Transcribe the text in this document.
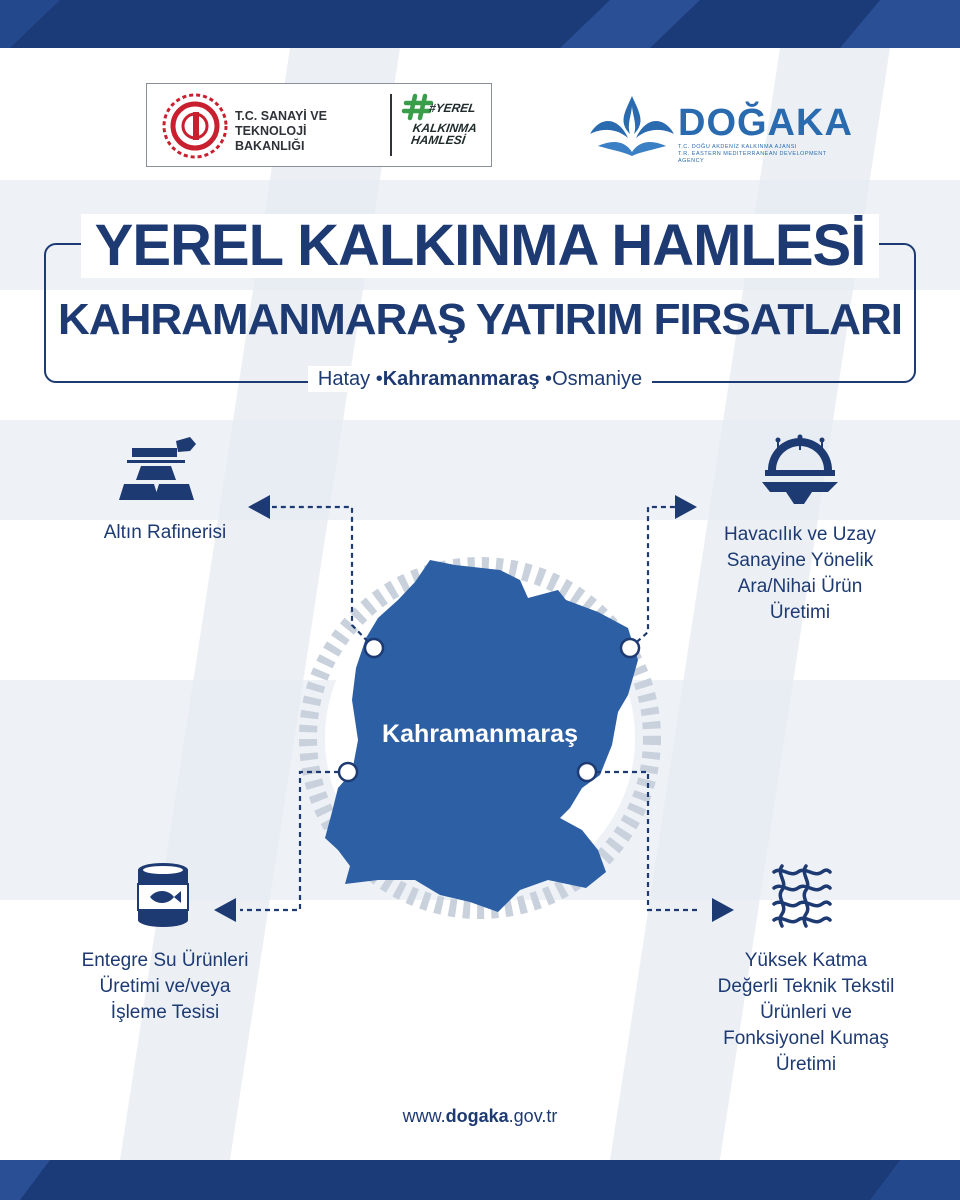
T.C. SANAYİ VE
TEKNOLOJİ BAKANLIĞI
#YEREL
KALKINMA
HAMLESİ	DOĞAKA
T.C. DOĞU AKDENİZ KALKINMA AJANSI
T.R. EASTERN MEDITERRANEAN DEVELOPMENT AGENCY
YEREL KALKINMA HAMLESİ
KAHRAMANMARAŞ YATIRIM FIRSATLARI
Hatay •Kahramanmaraş •Osmaniye
Kahramanmaraş
Altın Rafinerisi	Havacılık ve Uzay
Sanayine Yönelik
Ara/Nihai Ürün
Üretimi
Entegre Su Ürünleri
Üretimi ve/veya
İşleme Tesisi
Yüksek Katma
Değerli Teknik Tekstil
Ürünleri ve
Fonksiyonel Kumaş
Üretimi
www.dogaka.gov.tr
